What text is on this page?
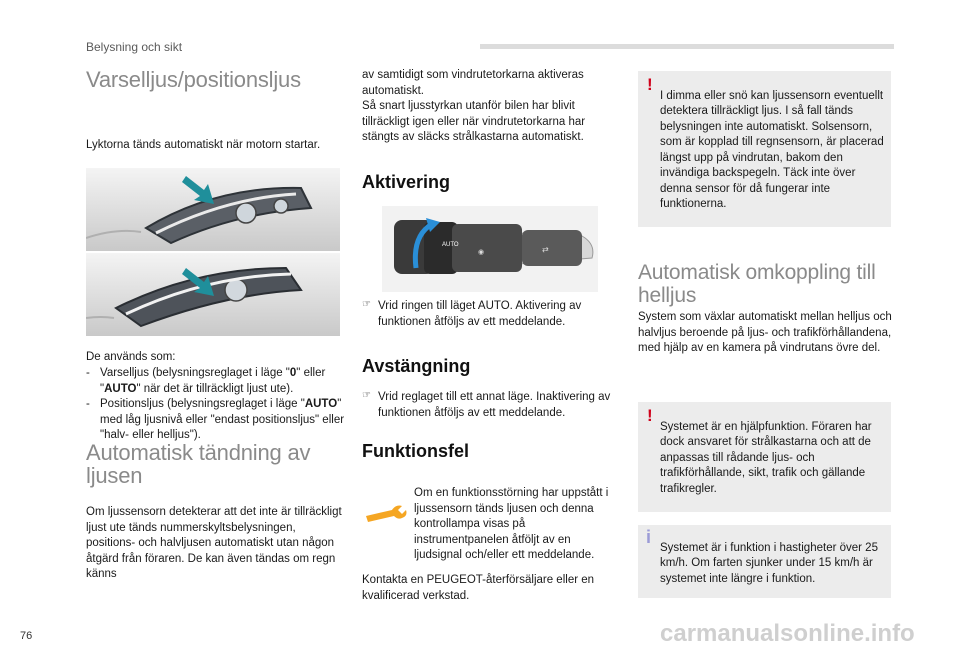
Belysning och sikt
Varselljus/positionsljus

Lyktorna tänds automatiskt när motorn startar.

De används som:

- Varselljus (belysningsreglaget i läge "0" eller "AUTO" när det är tillräckligt ljust ute).
- Positionsljus (belysningsreglaget i läge "AUTO" med låg ljusnivå eller "endast positionsljus" eller "halv- eller helljus").
Automatisk tändning av ljusen

Om ljussensorn detekterar att det inte är tillräckligt ljust ute tänds nummerskyltsbelysningen, positions- och halvljusen automatiskt utan någon åtgärd från föraren. De kan även tändas om regn känns

av samtidigt som vindrutetorkarna aktiveras automatiskt.

Så snart ljusstyrkan utanför bilen har blivit tillräckligt igen eller när vindrutetorkarna har stängts av släcks strålkastarna automatiskt.

Aktivering
AUTO
◉	⇄
☞ Vrid ringen till läget AUTO. Aktivering av funktionen åtföljs av ett meddelande.

Avstängning
☞ Vrid reglaget till ett annat läge. Inaktivering av funktionen åtföljs av ett meddelande.

Funktionsfel

Om en funktionsstörning har uppstått i ljussensorn tänds ljusen och denna kontrollampa visas på instrumentpanelen åtföljt av en ljudsignal och/eller ett meddelande.

Kontakta en PEUGEOT-återförsäljare eller en kvalificerad verkstad.

!

I dimma eller snö kan ljussensorn eventuellt detektera tillräckligt ljus. I så fall tänds belysningen inte automatiskt. Solsensorn, som är kopplad till regnsensorn, är placerad längst upp på vindrutan, bakom den invändiga backspegeln. Täck inte över denna sensor för då fungerar inte funktionerna.

Automatisk omkoppling till helljus

System som växlar automatiskt mellan helljus och halvljus beroende på ljus- och trafikförhållandena, med hjälp av en kamera på vindrutans övre del.

!

Systemet är en hjälpfunktion. Föraren har dock ansvaret för strålkastarna och att de anpassas till rådande ljus- och trafikförhållande, sikt, trafik och gällande trafikregler.

i

Systemet är i funktion i hastigheter över 25 km/h. Om farten sjunker under 15 km/h är systemet inte längre i funktion.

76	carmanualsonline.info
